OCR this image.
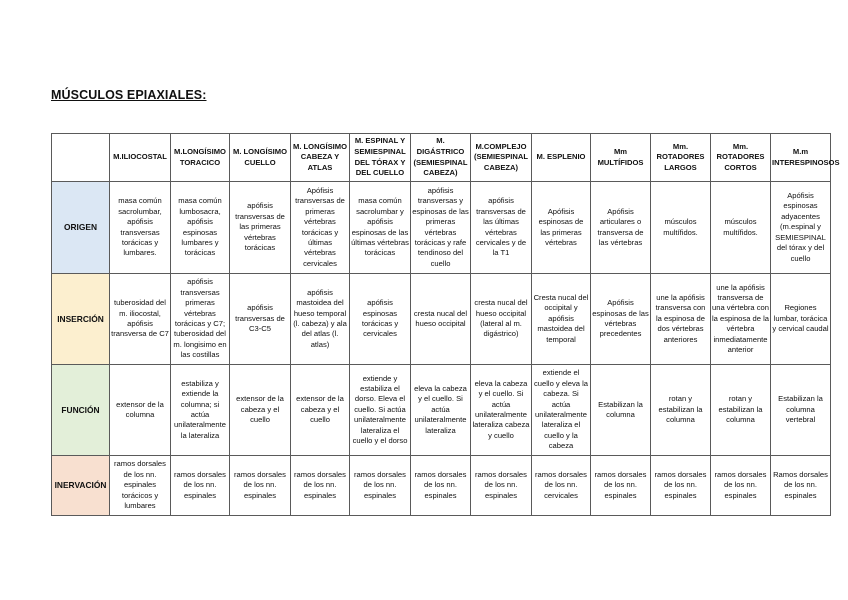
MÚSCULOS EPIAXIALES:
	M.ILIOCOSTAL	M.LONGÍSIMO TORACICO	M. LONGÍSIMO CUELLO	M. LONGÍSIMO CABEZA Y ATLAS	M. ESPINAL Y SEMIESPINAL DEL TÓRAX Y DEL CUELLO	M. DIGÁSTRICO (SEMIESPINAL CABEZA)	M.COMPLEJO (SEMIESPINAL CABEZA)	M. ESPLENIO	Mm MULTÍFIDOS	Mm. ROTADORES LARGOS	Mm. ROTADORES CORTOS	M.m INTERESPINOSOS
ORIGEN	masa común sacrolumbar, apófisis transversas torácicas y lumbares.	masa común lumbosacra, apófisis espinosas lumbares y torácicas	apófisis transversas de las primeras vértebras torácicas	Apófisis transversas de primeras vértebras torácicas y últimas vértebras cervicales	masa común sacrolumbar y apófisis espinosas de las últimas vértebras torácicas	apófisis transversas y espinosas de las primeras vértebras torácicas y rafe tendinoso del cuello	apófisis transversas de las últimas vértebras cervicales y de la T1	Apófisis espinosas de las primeras vértebras	Apófisis articulares o transversa de las vértebras	músculos multífidos.	músculos multífidos.	Apófisis espinosas adyacentes (m.espinal y SEMIESPINAL del tórax y del cuello
INSERCIÓN	tuberosidad del m. iliocostal, apófisis transversa de C7	apófisis transversas primeras vértebras torácicas y C7; tuberosidad del m. longisimo en las costillas	apófisis transversas de C3-C5	apófisis mastoidea del hueso temporal (l. cabeza) y ala del atlas (l. atlas)	apófisis espinosas torácicas y cervicales	cresta nucal del hueso occipital	cresta nucal del hueso occipital (lateral al m. digástrico)	Cresta nucal del occipital y apófisis mastoidea del temporal	Apófisis espinosas de las vértebras precedentes	une la apófisis transversa con la espinosa de dos vértebras anteriores	une la apófisis transversa de una vértebra con la espinosa de la vértebra inmediatamente anterior	Regiones lumbar, torácica y cervical caudal
FUNCIÓN	extensor de la columna	estabiliza y extiende la columna; si actúa unilateralmente la lateraliza	extensor de la cabeza y el cuello	extensor de la cabeza y el cuello	extiende y estabiliza el dorso. Eleva el cuello. Si actúa unilateralmente lateraliza el cuello y el dorso	eleva la cabeza y el cuello. Si actúa unilateralmente lateraliza	eleva la cabeza y el cuello. Si actúa unilateralmente lateraliza cabeza y cuello	extiende el cuello y eleva la cabeza. Si actúa unilateralmente lateraliza el cuello y la cabeza	Estabilizan la columna	rotan y estabilizan la columna	rotan y estabilizan la columna	Estabilizan la columna vertebral
INERVACIÓN	ramos dorsales de los nn. espinales torácicos y lumbares	ramos dorsales de los nn. espinales	ramos dorsales de los nn. espinales	ramos dorsales de los nn. espinales	ramos dorsales de los nn. espinales	ramos dorsales de los nn. espinales	ramos dorsales de los nn. espinales	ramos dorsales de los nn. cervicales	ramos dorsales de los nn. espinales	ramos dorsales de los nn. espinales	ramos dorsales de los nn. espinales	Ramos dorsales de los nn. espinales
